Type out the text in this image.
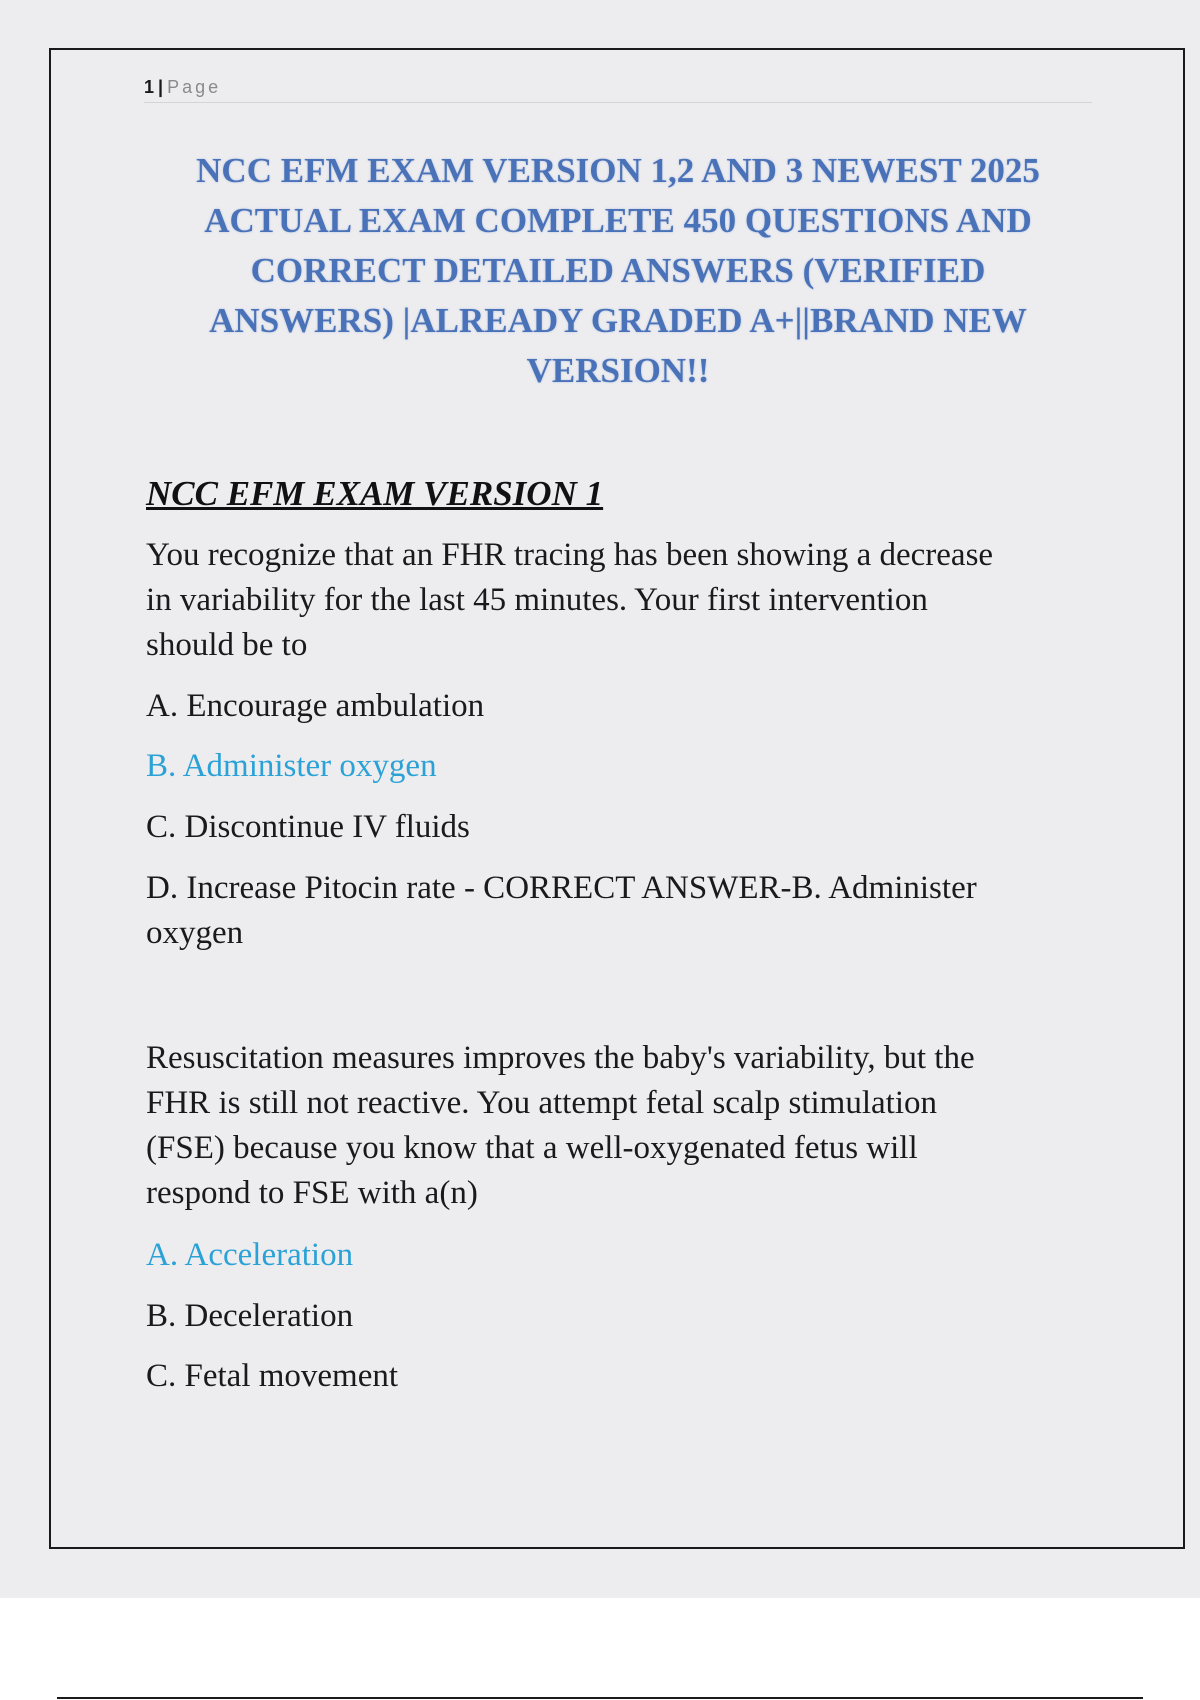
1 | Page
NCC EFM EXAM VERSION 1,2 AND 3 NEWEST 2025
ACTUAL EXAM COMPLETE 450 QUESTIONS AND
CORRECT DETAILED ANSWERS (VERIFIED
ANSWERS) |ALREADY GRADED A+||BRAND NEW
VERSION!!
NCC EFM EXAM VERSION 1
You recognize that an FHR tracing has been showing a decrease
in variability for the last 45 minutes. Your first intervention
should be to
A. Encourage ambulation
B. Administer oxygen
C. Discontinue IV fluids
D. Increase Pitocin rate - CORRECT ANSWER-B. Administer
oxygen
Resuscitation measures improves the baby's variability, but the
FHR is still not reactive. You attempt fetal scalp stimulation
(FSE) because you know that a well-oxygenated fetus will
respond to FSE with a(n)
A. Acceleration
B. Deceleration
C. Fetal movement
